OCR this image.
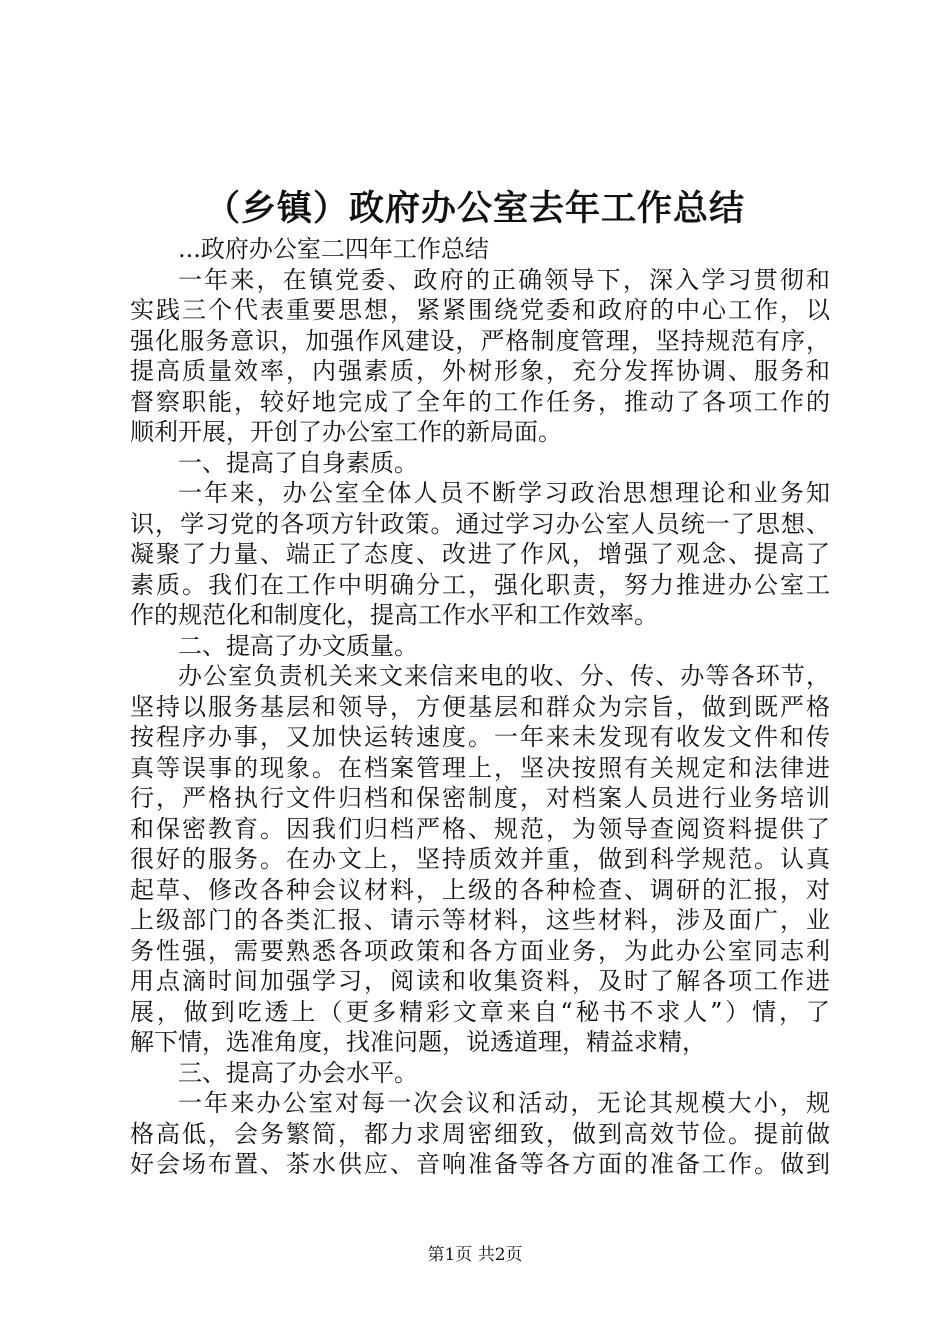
（乡镇）政府办公室去年工作总结
...政府办公室二四年工作总结
一年来，在镇党委、政府的正确领导下，深入学习贯彻和
实践三个代表重要思想，紧紧围绕党委和政府的中心工作，以
强化服务意识，加强作风建设，严格制度管理，坚持规范有序，
提高质量效率，内强素质，外树形象，充分发挥协调、服务和
督察职能，较好地完成了全年的工作任务，推动了各项工作的
顺利开展，开创了办公室工作的新局面。
一、提高了自身素质。
一年来，办公室全体人员不断学习政治思想理论和业务知
识，学习党的各项方针政策。通过学习办公室人员统一了思想、
凝聚了力量、端正了态度、改进了作风，增强了观念、提高了
素质。我们在工作中明确分工，强化职责，努力推进办公室工
作的规范化和制度化，提高工作水平和工作效率。
二、提高了办文质量。
办公室负责机关来文来信来电的收、分、传、办等各环节，
坚持以服务基层和领导，方便基层和群众为宗旨，做到既严格
按程序办事，又加快运转速度。一年来未发现有收发文件和传
真等误事的现象。在档案管理上，坚决按照有关规定和法律进
行，严格执行文件归档和保密制度，对档案人员进行业务培训
和保密教育。因我们归档严格、规范，为领导查阅资料提供了
很好的服务。在办文上，坚持质效并重，做到科学规范。认真
起草、修改各种会议材料，上级的各种检查、调研的汇报，对
上级部门的各类汇报、请示等材料，这些材料，涉及面广，业
务性强，需要熟悉各项政策和各方面业务，为此办公室同志利
用点滴时间加强学习，阅读和收集资料，及时了解各项工作进
展，做到吃透上（更多精彩文章来自“秘书不求人”）情，了
解下情，选准角度，找准问题，说透道理，精益求精，
三、提高了办会水平。
一年来办公室对每一次会议和活动，无论其规模大小，规
格高低，会务繁简，都力求周密细致，做到高效节俭。提前做
好会场布置、茶水供应、音响准备等各方面的准备工作。做到
第1页 共2页
